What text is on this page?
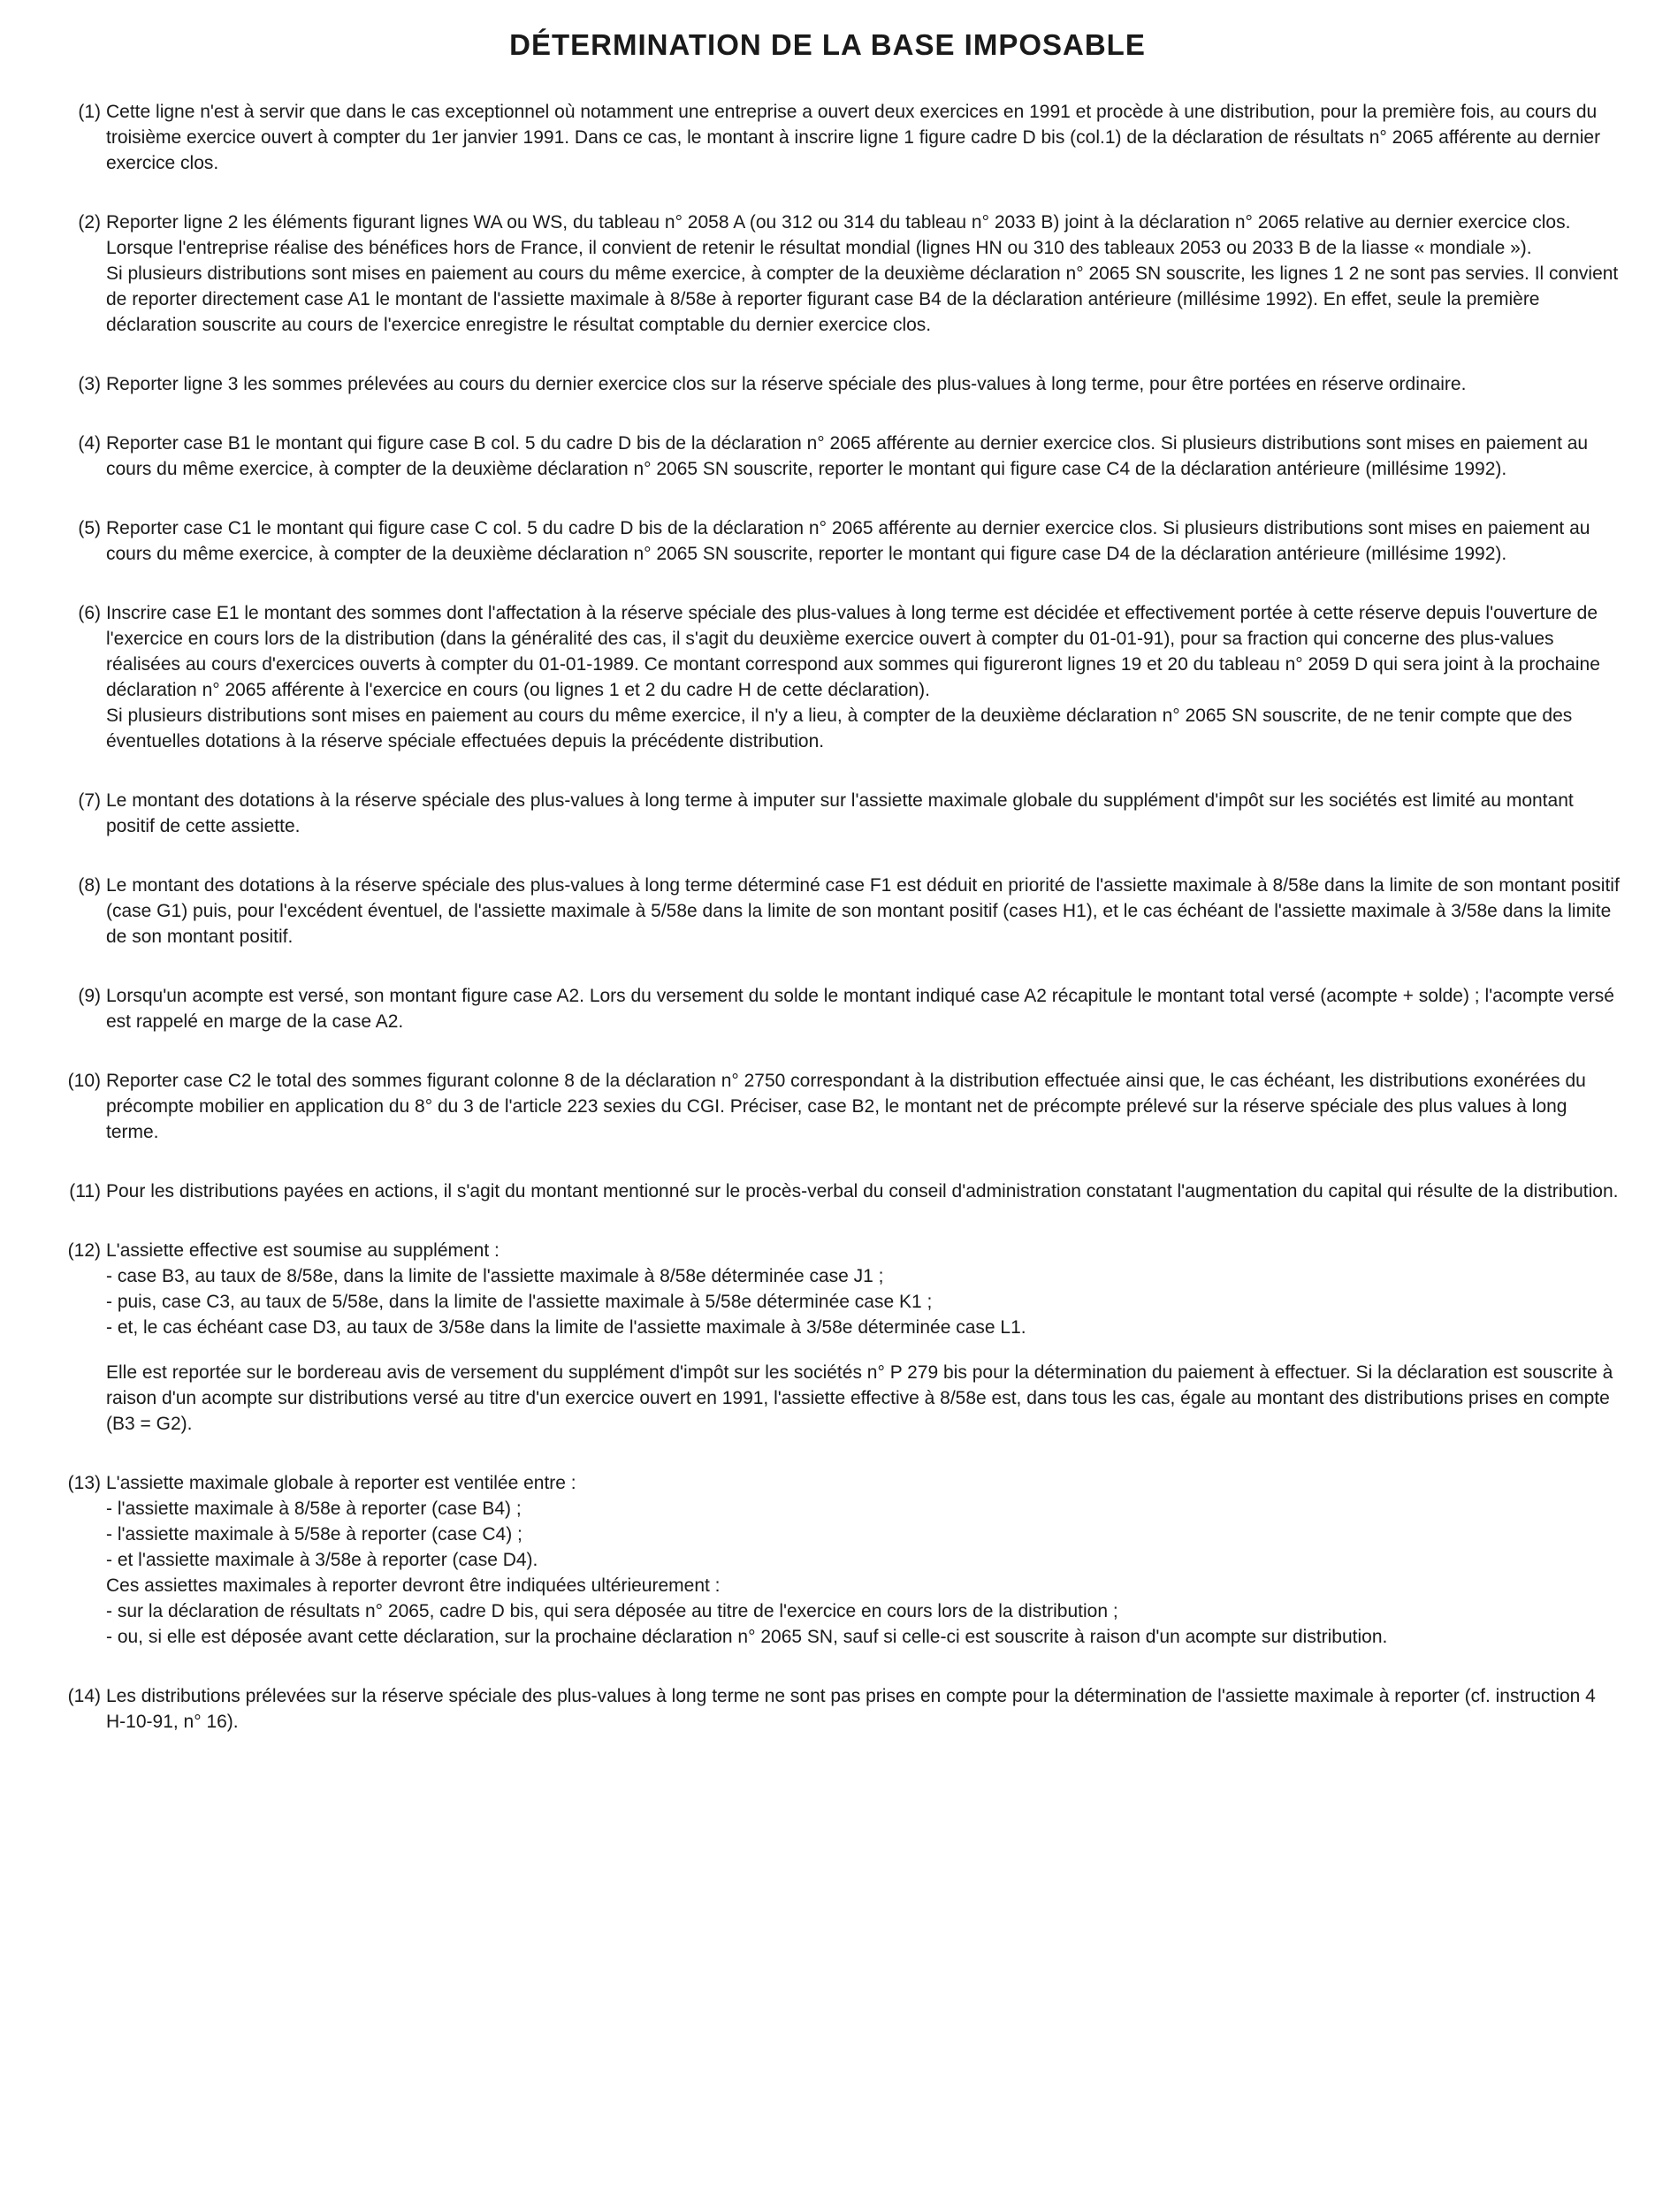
DÉTERMINATION DE LA BASE IMPOSABLE
(1) Cette ligne n'est à servir que dans le cas exceptionnel où notamment une entreprise a ouvert deux exercices en 1991 et procède à une distribution, pour la première fois, au cours du troisième exercice ouvert à compter du 1er janvier 1991. Dans ce cas, le montant à inscrire ligne 1 figure cadre D bis (col.1) de la déclaration de résultats n° 2065 afférente au dernier exercice clos.

(2) Reporter ligne 2 les éléments figurant lignes WA ou WS, du tableau n° 2058 A (ou 312 ou 314 du tableau n° 2033 B) joint à la déclaration n° 2065 relative au dernier exercice clos.

Lorsque l'entreprise réalise des bénéfices hors de France, il convient de retenir le résultat mondial (lignes HN ou 310 des tableaux 2053 ou 2033 B de la liasse « mondiale »).

Si plusieurs distributions sont mises en paiement au cours du même exercice, à compter de la deuxième déclaration n° 2065 SN souscrite, les lignes 1 2 ne sont pas servies. Il convient de reporter directement case A1 le montant de l'assiette maximale à 8/58e à reporter figurant case B4 de la déclaration antérieure (millésime 1992). En effet, seule la première déclaration souscrite au cours de l'exercice enregistre le résultat comptable du dernier exercice clos.

(3) Reporter ligne 3 les sommes prélevées au cours du dernier exercice clos sur la réserve spéciale des plus-values à long terme, pour être portées en réserve ordinaire.

(4) Reporter case B1 le montant qui figure case B col. 5 du cadre D bis de la déclaration n° 2065 afférente au dernier exercice clos. Si plusieurs distributions sont mises en paiement au cours du même exercice, à compter de la deuxième déclaration n° 2065 SN souscrite, reporter le montant qui figure case C4 de la déclaration antérieure (millésime 1992).

(5) Reporter case C1 le montant qui figure case C col. 5 du cadre D bis de la déclaration n° 2065 afférente au dernier exercice clos. Si plusieurs distributions sont mises en paiement au cours du même exercice, à compter de la deuxième déclaration n° 2065 SN souscrite, reporter le montant qui figure case D4 de la déclaration antérieure (millésime 1992).

(6) Inscrire case E1 le montant des sommes dont l'affectation à la réserve spéciale des plus-values à long terme est décidée et effectivement portée à cette réserve depuis l'ouverture de l'exercice en cours lors de la distribution (dans la généralité des cas, il s'agit du deuxième exercice ouvert à compter du 01-01-91), pour sa fraction qui concerne des plus-values réalisées au cours d'exercices ouverts à compter du 01-01-1989. Ce montant correspond aux sommes qui figureront lignes 19 et 20 du tableau n° 2059 D qui sera joint à la prochaine déclaration n° 2065 afférente à l'exercice en cours (ou lignes 1 et 2 du cadre H de cette déclaration).

Si plusieurs distributions sont mises en paiement au cours du même exercice, il n'y a lieu, à compter de la deuxième déclaration n° 2065 SN souscrite, de ne tenir compte que des éventuelles dotations à la réserve spéciale effectuées depuis la précédente distribution.

(7) Le montant des dotations à la réserve spéciale des plus-values à long terme à imputer sur l'assiette maximale globale du supplément d'impôt sur les sociétés est limité au montant positif de cette assiette.

(8) Le montant des dotations à la réserve spéciale des plus-values à long terme déterminé case F1 est déduit en priorité de l'assiette maximale à 8/58e dans la limite de son montant positif (case G1) puis, pour l'excédent éventuel, de l'assiette maximale à 5/58e dans la limite de son montant positif (cases H1), et le cas échéant de l'assiette maximale à 3/58e dans la limite de son montant positif.

(9) Lorsqu'un acompte est versé, son montant figure case A2. Lors du versement du solde le montant indiqué case A2 récapitule le montant total versé (acompte + solde) ; l'acompte versé est rappelé en marge de la case A2.

(10) Reporter case C2 le total des sommes figurant colonne 8 de la déclaration n° 2750 correspondant à la distribution effectuée ainsi que, le cas échéant, les distributions exonérées du précompte mobilier en application du 8° du 3 de l'article 223 sexies du CGI. Préciser, case B2, le montant net de précompte prélevé sur la réserve spéciale des plus values à long terme.

(11) Pour les distributions payées en actions, il s'agit du montant mentionné sur le procès-verbal du conseil d'administration constatant l'augmentation du capital qui résulte de la distribution.

(12) L'assiette effective est soumise au supplément :

- case B3, au taux de 8/58e, dans la limite de l'assiette maximale à 8/58e déterminée case J1 ;

- puis, case C3, au taux de 5/58e, dans la limite de l'assiette maximale à 5/58e déterminée case K1 ;

- et, le cas échéant case D3, au taux de 3/58e dans la limite de l'assiette maximale à 3/58e déterminée case L1.

Elle est reportée sur le bordereau avis de versement du supplément d'impôt sur les sociétés n° P 279 bis pour la détermination du paiement à effectuer. Si la déclaration est souscrite à raison d'un acompte sur distributions versé au titre d'un exercice ouvert en 1991, l'assiette effective à 8/58e est, dans tous les cas, égale au montant des distributions prises en compte (B3 = G2).

(13) L'assiette maximale globale à reporter est ventilée entre :

- l'assiette maximale à 8/58e à reporter (case B4) ;

- l'assiette maximale à 5/58e à reporter (case C4) ;

- et l'assiette maximale à 3/58e à reporter (case D4).

Ces assiettes maximales à reporter devront être indiquées ultérieurement :

- sur la déclaration de résultats n° 2065, cadre D bis, qui sera déposée au titre de l'exercice en cours lors de la distribution ;

- ou, si elle est déposée avant cette déclaration, sur la prochaine déclaration n° 2065 SN, sauf si celle-ci est souscrite à raison d'un acompte sur distribution.

(14) Les distributions prélevées sur la réserve spéciale des plus-values à long terme ne sont pas prises en compte pour la détermination de l'assiette maximale à reporter (cf. instruction 4 H-10-91, n° 16).
